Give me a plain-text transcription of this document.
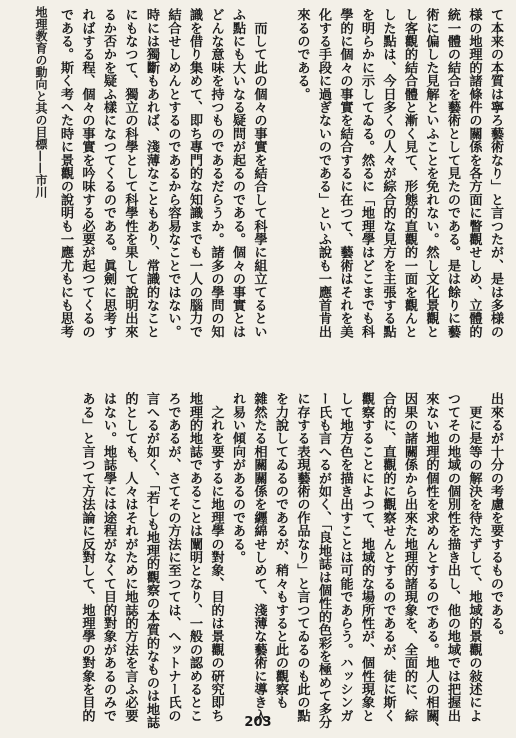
地理教育の動向と其の目標——市川	て本来の本質は寧ろ藝術なり」と言つたが、是は多様の
様の地理的諸條件の關係を各方面に瞥觀せしめ、立體的
統一體の結合を藝術として見たのである。是は餘りに藝
術に偏した見解といふことを免れない。然し文化景觀と
し客觀的結合體と漸く見て、形態的直觀的一面を觀んと
した點は、今日多くの人々が綜合的な見方を主張する點
を明らかに示してゐる。然るに「地理學はどこまでも科
學的に個々の事實を結合するに在つて、藝術はそれを美
化する手段に過ぎないのである」といふ說も一應首肯出
來るのである。

　而して此の個々の事實を結合して科學に組立てるとい
ふ點にも大いなる疑問が起るのである。個々の事實とは
どんな意味を持つものであるだらうか。諸多の學問の知
識を借り集めて、即ち專門的な知識までも一人の腦力で
結合せしめんとするのであるから容易なことではない。
時には獨斷もあれば、淺薄なこともあり、常識的なこと
にもなつて、獨立の科學として科學性を果して說明出來
るか否かを疑ふ樣になつてくるのである。眞劍に思考す
ればする程、個々の事實を吟味する必要が起つてくるの
である。斯く考へた時に景觀の說明も一應尤もにも思考
出來るが十分の考慮を要するものである。
　更に是等の解決を待たずして、地域的景觀の敍述によ
つてその地域の個別性を描き出し、他の地域では把握出
來ない地理的個性を求めんとするのである。地人の相關、
因果の諸關係から出來た地理的諸現象を、全面的に、綜
合的に、直觀的に觀察せんとするのであるが、徒に斯く
觀察することによつて、地域的な場所性が、個性現象と
して地方色を描き出すことは可能であらう。ハッシンガ
ー氏も言へるが如く、「良地誌は個性的色彩を極めて多分
に存する表現藝術の作品なり」と言つてゐるのも此の點
を力說してゐるのであるが、稍々もすると此の觀察も
雜然たる相關關係を纒綿せしめて、淺薄な藝術に導き入
れ易い傾向があるのである。
　之れを要するに地理學の對象、目的は景觀の硏究即ち
地理的地誌であることは闡明となり、一般の認めるとこ
ろであるが、さてその方法に至つては、ヘットナー氏の
言へるが如く、「若しも地理的觀察の本質的なものは地誌
的としても、人々はそれがために地誌的方法を言ふ必要
はない。地誌學には途程がなくて目的對象があるのみで
ある」と言つて方法論に反對して、地理學の對象を目的
203
